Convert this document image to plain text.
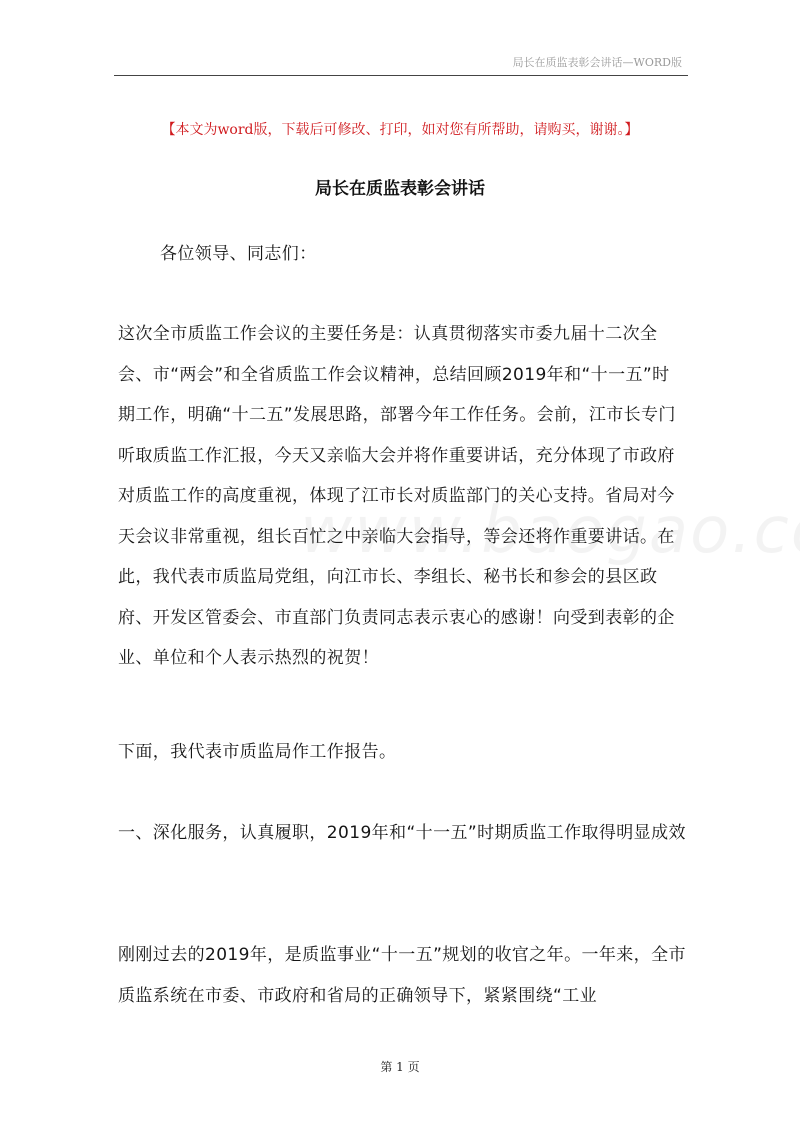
局长在质监表彰会讲话—WORD版
【本文为word版，下载后可修改、打印，如对您有所帮助，请购买，谢谢。】
局长在质监表彰会讲话
各位领导、同志们：
这次全市质监工作会议的主要任务是：认真贯彻落实市委九届十二次全会、市“两会”和全省质监工作会议精神，总结回顾2019年和“十一五”时期工作，明确“十二五”发展思路，部署今年工作任务。会前，江市长专门听取质监工作汇报，今天又亲临大会并将作重要讲话，充分体现了市政府对质监工作的高度重视，体现了江市长对质监部门的关心支持。省局对今天会议非常重视，组长百忙之中亲临大会指导，等会还将作重要讲话。在此，我代表市质监局党组，向江市长、李组长、秘书长和参会的县区政府、开发区管委会、市直部门负责同志表示衷心的感谢！向受到表彰的企业、单位和个人表示热烈的祝贺！
下面，我代表市质监局作工作报告。
一、深化服务，认真履职，2019年和“十一五”时期质监工作取得明显成效
刚刚过去的2019年，是质监事业“十一五”规划的收官之年。一年来，全市质监系统在市委、市政府和省局的正确领导下，紧紧围绕“工业
第 1 页
